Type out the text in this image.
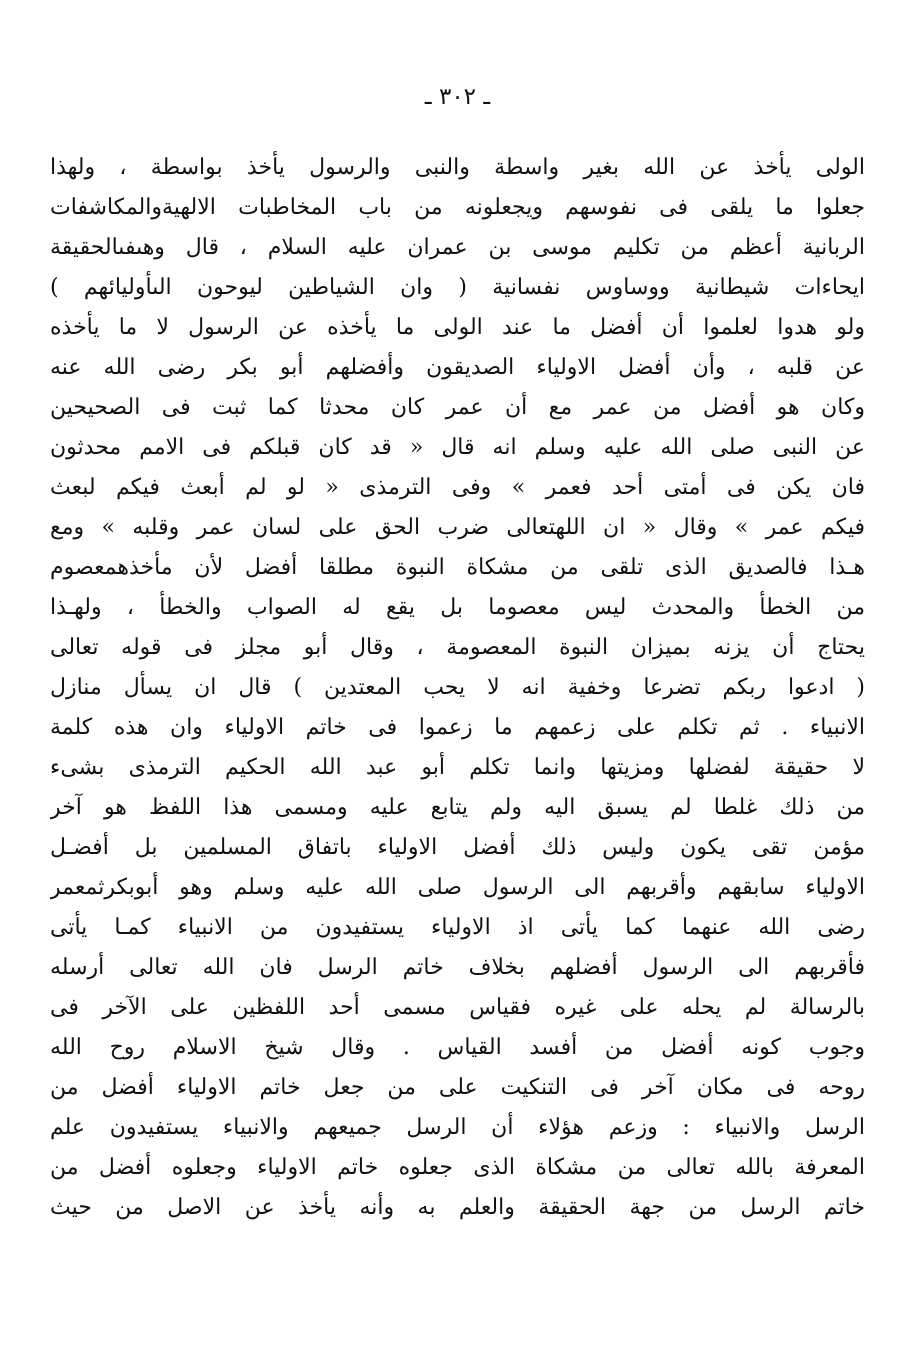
ـ ٣٠٢ ـ
الولى يأخذ عن الله بغير واسطة والنبى والرسول يأخذ بواسطة ، ولهذا
جعلوا ما يلقى فى نفوسهم ويجعلونه من باب المخاطبات الالهيةوالمكاشفات
الربانية أعظم من تكليم موسى بن عمران عليه السلام ، قال وهىفىالحقيقة
ايحاءات شيطانية ووساوس نفسانية ( وان الشياطين ليوحون الىأوليائهم )
ولو هدوا لعلموا أن أفضل ما عند الولى ما يأخذه عن الرسول لا ما يأخذه
عن قلبه ، وأن أفضل الاولياء الصديقون وأفضلهم أبو بكر رضى الله عنه
وكان هو أفضل من عمر مع أن عمر كان محدثا كما ثبت فى الصحيحين
عن النبى صلى الله عليه وسلم انه قال « قد كان قبلكم فى الامم محدثون
فان يكن فى أمتى أحد فعمر » وفى الترمذى « لو لم أبعث فيكم لبعث
فيكم عمر » وقال « ان اللهتعالى ضرب الحق على لسان عمر وقلبه » ومع
هـذا فالصديق الذى تلقى من مشكاة النبوة مطلقا أفضل لأن مأخذهمعصوم
من الخطأ والمحدث ليس معصوما بل يقع له الصواب والخطأ ، ولهـذا
يحتاج أن يزنه بميزان النبوة المعصومة ، وقال أبو مجلز فى قوله تعالى
( ادعوا ربكم تضرعا وخفية انه لا يحب المعتدين ) قال ان يسأل منازل
الانبياء . ثم تكلم على زعمهم ما زعموا فى خاتم الاولياء وان هذه كلمة
لا حقيقة لفضلها ومزيتها وانما تكلم أبو عبد الله الحكيم الترمذى بشىء
من ذلك غلطا لم يسبق اليه ولم يتابع عليه ومسمى هذا اللفظ هو آخر
مؤمن تقى يكون وليس ذلك أفضل الاولياء باتفاق المسلمين بل أفضـل
الاولياء سابقهم وأقربهم الى الرسول صلى الله عليه وسلم وهو أبوبكرثمعمر
رضى الله عنهما كما يأتى اذ الاولياء يستفيدون من الانبياء كمـا يأتى
فأقربهم الى الرسول أفضلهم بخلاف خاتم الرسل فان الله تعالى أرسله
بالرسالة لم يحله على غيره فقياس مسمى أحد اللفظين على الآخر فى
وجوب كونه أفضل من أفسد القياس . وقال شيخ الاسلام روح الله
روحه فى مكان آخر فى التنكيت على من جعل خاتم الاولياء أفضل من
الرسل والانبياء : وزعم هؤلاء أن الرسل جميعهم والانبياء يستفيدون علم
المعرفة بالله تعالى من مشكاة الذى جعلوه خاتم الاولياء وجعلوه أفضل من
خاتم الرسل من جهة الحقيقة والعلم به وأنه يأخذ عن الاصل من حيث
